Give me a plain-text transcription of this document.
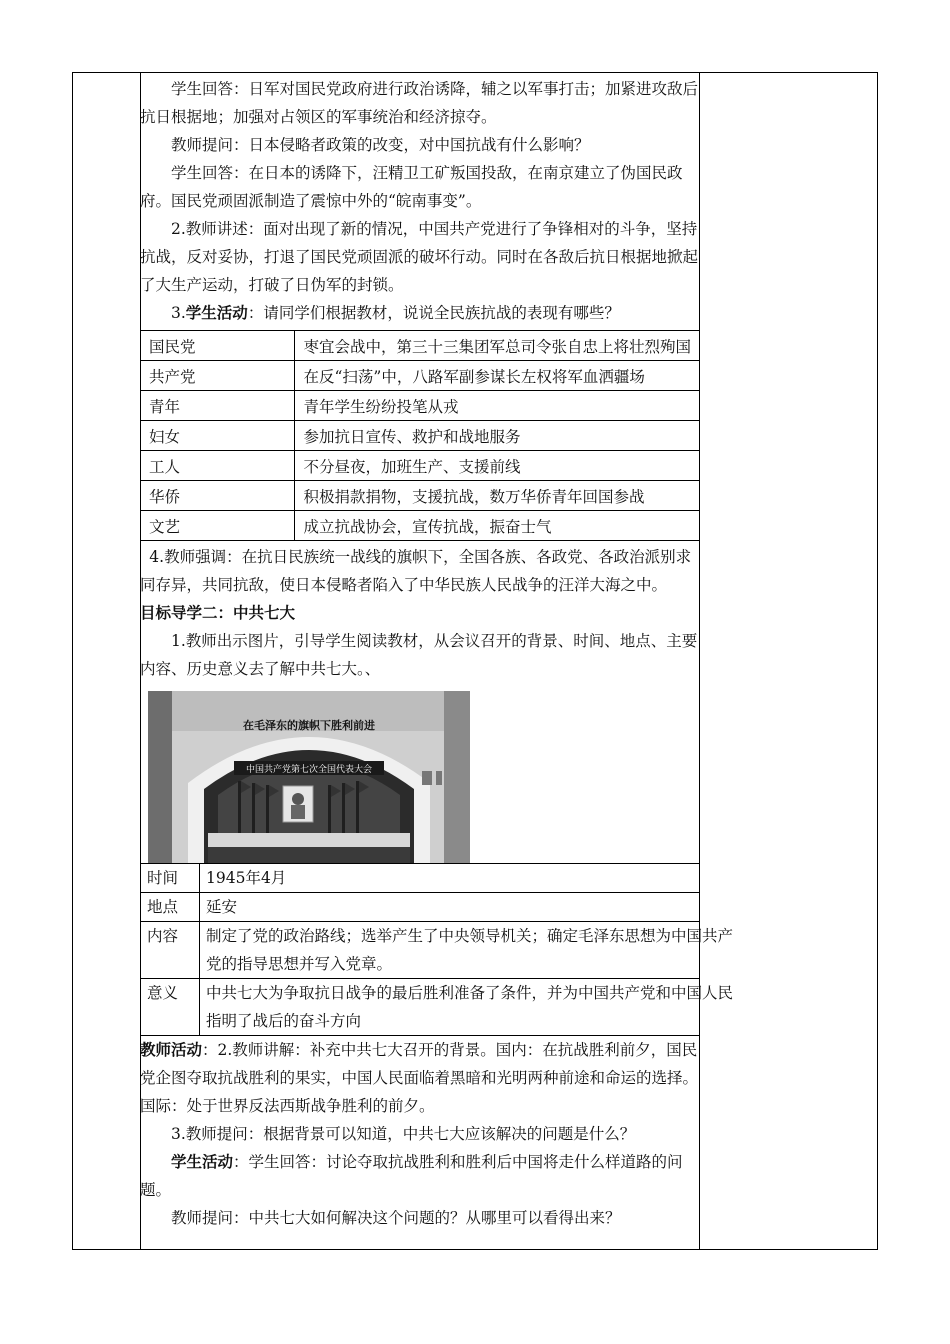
学生回答：日军对国民党政府进行政治诱降，辅之以军事打击；加紧进攻敌后抗日根据地；加强对占领区的军事统治和经济掠夺。

教师提问：日本侵略者政策的改变，对中国抗战有什么影响？

学生回答：在日本的诱降下，汪精卫工矿叛国投敌，在南京建立了伪国民政府。国民党顽固派制造了震惊中外的“皖南事变”。

2.教师讲述：面对出现了新的情况，中国共产党进行了争锋相对的斗争，坚持抗战，反对妥协，打退了国民党顽固派的破坏行动。同时在各敌后抗日根据地掀起了大生产运动，打破了日伪军的封锁。

3.学生活动：请同学们根据教材，说说全民族抗战的表现有哪些？

国民党	枣宜会战中，第三十三集团军总司令张自忠上将壮烈殉国
共产党	在反“扫荡”中，八路军副参谋长左权将军血洒疆场
青年	青年学生纷纷投笔从戎
妇女	参加抗日宣传、救护和战地服务
工人	不分昼夜，加班生产、支援前线
华侨	积极捐款捐物，支援抗战，数万华侨青年回国参战
文艺	成立抗战协会，宣传抗战，振奋士气

4.教师强调：在抗日民族统一战线的旗帜下，全国各族、各政党、各政治派别求同存异，共同抗敌，使日本侵略者陷入了中华民族人民战争的汪洋大海之中。

目标导学二：中共七大

1.教师出示图片，引导学生阅读教材，从会议召开的背景、时间、地点、主要内容、历史意义去了解中共七大。、

中国共产党第七次全国代表大会
在毛泽东的旗帜下胜利前进
时间	1945年4月

地点	延安

内容	制定了党的政治路线；选举产生了中央领导机关；确定毛泽东思想为中国共产党的指导思想并写入党章。

意义	中共七大为争取抗日战争的最后胜利准备了条件，并为中国共产党和中国人民指明了战后的奋斗方向

教师活动：2.教师讲解：补充中共七大召开的背景。国内：在抗战胜利前夕，国民党企图夺取抗战胜利的果实，中国人民面临着黑暗和光明两种前途和命运的选择。国际：处于世界反法西斯战争胜利的前夕。

3.教师提问：根据背景可以知道，中共七大应该解决的问题是什么？

学生活动：学生回答：讨论夺取抗战胜利和胜利后中国将走什么样道路的问题。

教师提问：中共七大如何解决这个问题的？从哪里可以看得出来？
